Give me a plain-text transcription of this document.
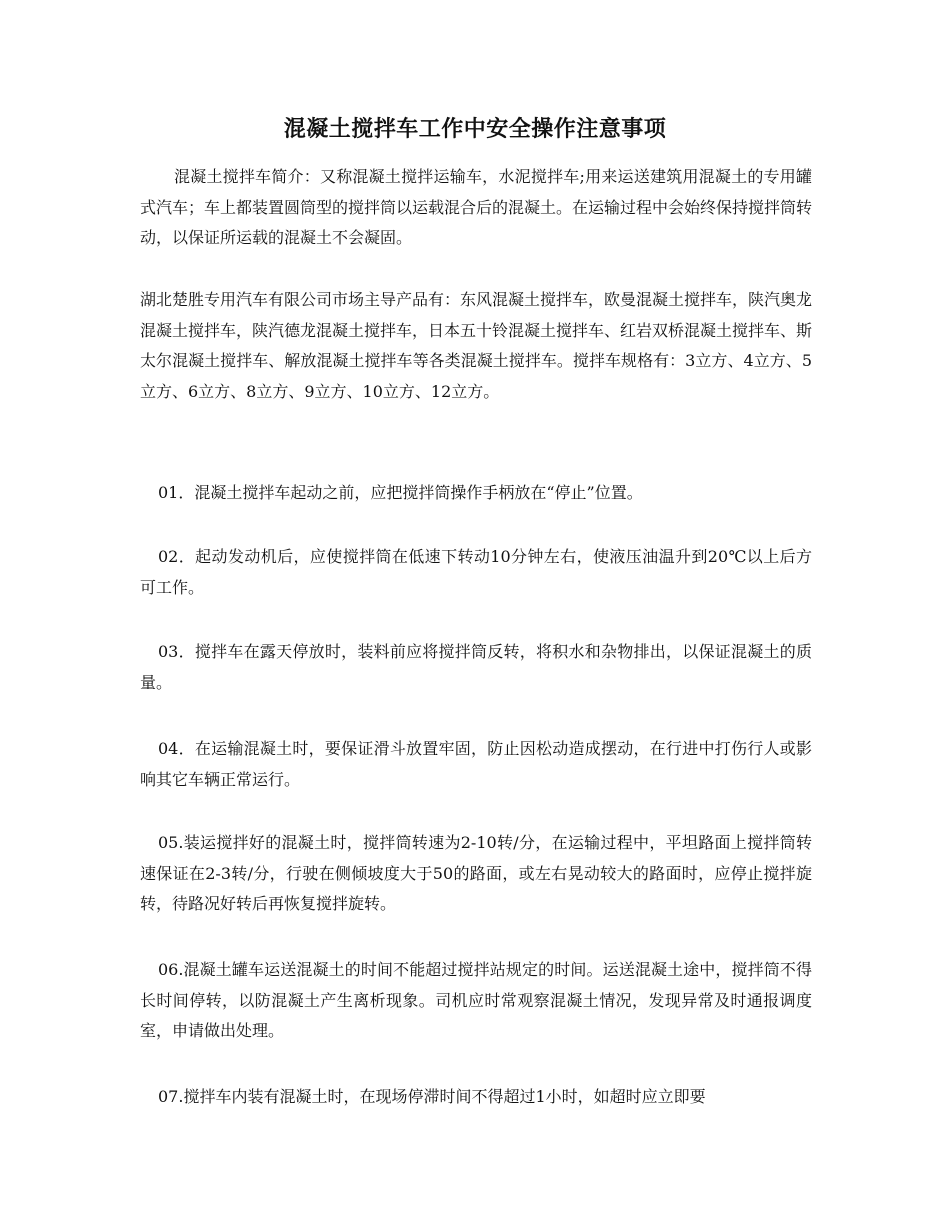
混凝土搅拌车工作中安全操作注意事项

混凝土搅拌车简介：又称混凝土搅拌运输车，水泥搅拌车;用来运送建筑用混凝土的专用罐式汽车；车上都装置圆筒型的搅拌筒以运载混合后的混凝土。在运输过程中会始终保持搅拌筒转动，以保证所运载的混凝土不会凝固。

湖北楚胜专用汽车有限公司市场主导产品有：东风混凝土搅拌车，欧曼混凝土搅拌车，陕汽奥龙混凝土搅拌车，陕汽德龙混凝土搅拌车，日本五十铃混凝土搅拌车、红岩双桥混凝土搅拌车、斯太尔混凝土搅拌车、解放混凝土搅拌车等各类混凝土搅拌车。搅拌车规格有：3立方、4立方、5立方、6立方、8立方、9立方、10立方、12立方。

01．混凝土搅拌车起动之前，应把搅拌筒操作手柄放在“停止”位置。

02．起动发动机后，应使搅拌筒在低速下转动10分钟左右，使液压油温升到20℃以上后方可工作。

03．搅拌车在露天停放时，装料前应将搅拌筒反转，将积水和杂物排出，以保证混凝土的质量。

04．在运输混凝土时，要保证滑斗放置牢固，防止因松动造成摆动，在行进中打伤行人或影响其它车辆正常运行。

05.装运搅拌好的混凝土时，搅拌筒转速为2-10转/分，在运输过程中，平坦路面上搅拌筒转速保证在2-3转/分，行驶在侧倾坡度大于50的路面，或左右晃动较大的路面时，应停止搅拌旋转，待路况好转后再恢复搅拌旋转。

06.混凝土罐车运送混凝土的时间不能超过搅拌站规定的时间。运送混凝土途中，搅拌筒不得长时间停转，以防混凝土产生离析现象。司机应时常观察混凝土情况，发现异常及时通报调度室，申请做出处理。

07.搅拌车内装有混凝土时，在现场停滞时间不得超过1小时，如超时应立即要
